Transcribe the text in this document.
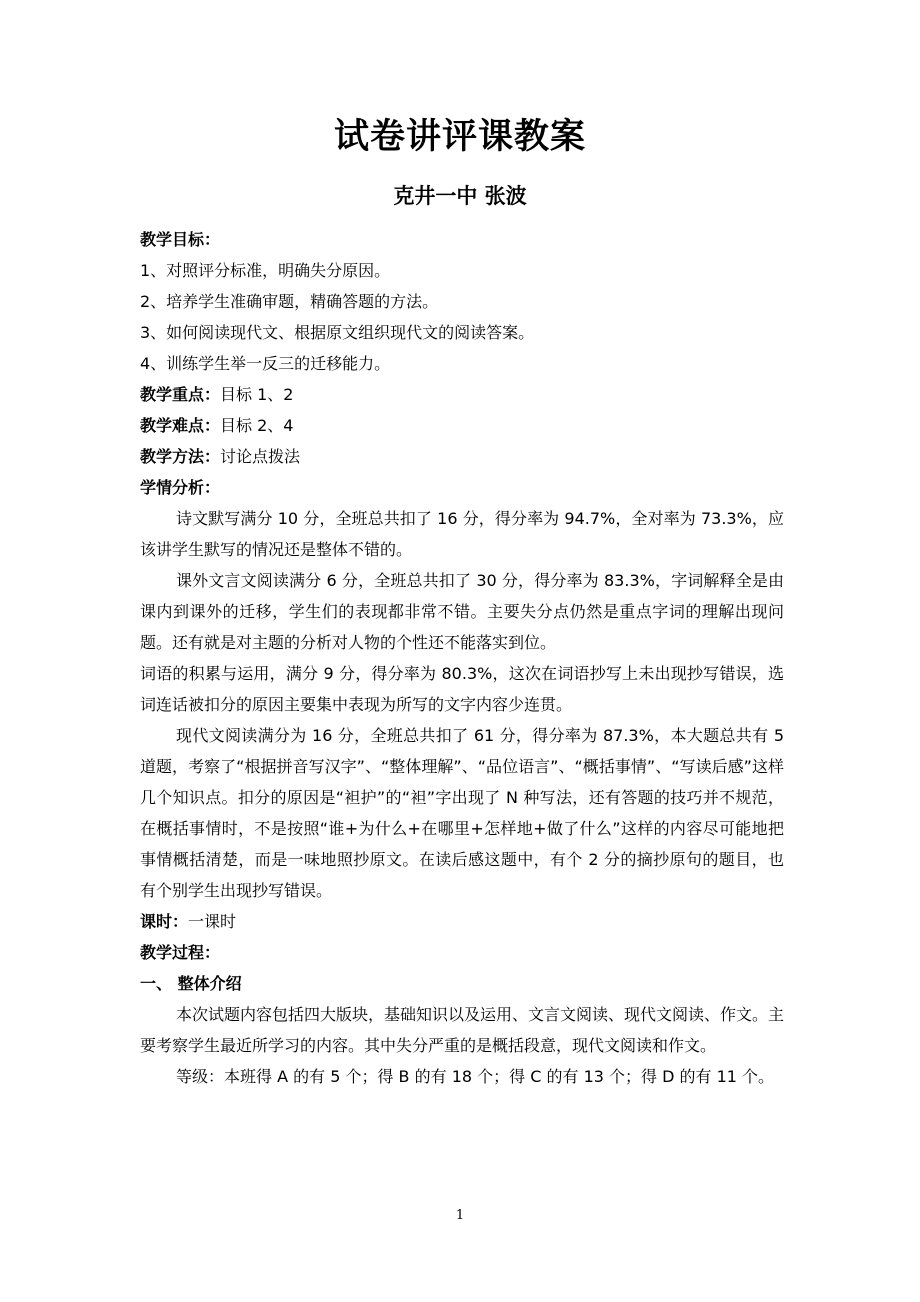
试卷讲评课教案
克井一中 张波

教学目标：

1、对照评分标准，明确失分原因。

2、培养学生准确审题，精确答题的方法。

3、如何阅读现代文、根据原文组织现代文的阅读答案。

4、训练学生举一反三的迁移能力。

教学重点：目标 1、2

教学难点：目标 2、4

教学方法：讨论点拨法

学情分析：

诗文默写满分 10 分，全班总共扣了 16 分，得分率为 94.7%，全对率为 73.3%，应该讲学生默写的情况还是整体不错的。

课外文言文阅读满分 6 分，全班总共扣了 30 分，得分率为 83.3%，字词解释全是由课内到课外的迁移，学生们的表现都非常不错。主要失分点仍然是重点字词的理解出现问题。还有就是对主题的分析对人物的个性还不能落实到位。

词语的积累与运用，满分 9 分，得分率为 80.3%，这次在词语抄写上未出现抄写错误，选词连话被扣分的原因主要集中表现为所写的文字内容少连贯。

现代文阅读满分为 16 分，全班总共扣了 61 分，得分率为 87.3%，本大题总共有 5 道题，考察了“根据拼音写汉字”、“整体理解”、“品位语言”、“概括事情”、“写读后感”这样几个知识点。扣分的原因是“袒护”的“袒”字出现了 N 种写法，还有答题的技巧并不规范，在概括事情时，不是按照“谁+为什么+在哪里+怎样地+做了什么”这样的内容尽可能地把事情概括清楚，而是一味地照抄原文。在读后感这题中，有个 2 分的摘抄原句的题目，也有个别学生出现抄写错误。

课时：一课时

教学过程：

一、 整体介绍

本次试题内容包括四大版块，基础知识以及运用、文言文阅读、现代文阅读、作文。主要考察学生最近所学习的内容。其中失分严重的是概括段意，现代文阅读和作文。

等级：本班得 A 的有 5 个；得 B 的有 18 个；得 C 的有 13 个；得 D 的有 11 个。

1
